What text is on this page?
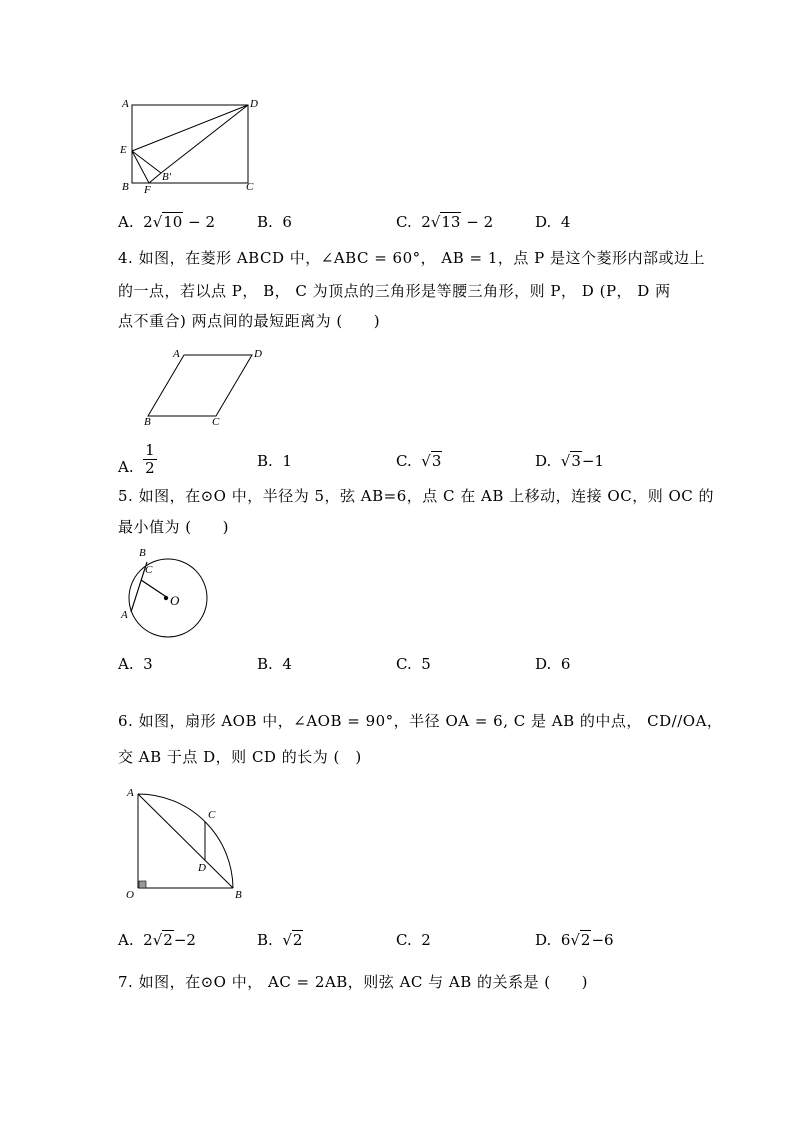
A	D
E
B F
B'
C
A. 2√10 − 2	B. 6	C. 2√13 − 2	D. 4
4. 如图，在菱形 ABCD 中，∠ABC = 60°， AB = 1，点 P 是这个菱形内部或边上
的一点，若以点 P， B， C 为顶点的三角形是等腰三角形，则 P， D (P， D 两
点不重合) 两点间的最短距离为 (　　)
A	D
B	C
A. $\frac{1}{2}$	B. 1	C.  √3	D.  √3−1
5. 如图，在⊙O 中，半径为 5，弦 AB=6，点 C 在 AB 上移动，连接 OC，则 OC 的
最小值为 (　　)
B
C
O
A
A. 3	B. 4	C. 5	D. 6
6. 如图，扇形 AOB 中，∠AOB = 90°，半径 OA = 6, C 是 AB 的中点， CD//OA，
交 AB 于点 D，则 CD 的长为 (　)
A
C
D
O	B
A. 2√2−2	B.  √2	C. 2	D. 6√2−6
7. 如图，在⊙O 中， AC = 2AB，则弦 AC 与 AB 的关系是 (　　)
